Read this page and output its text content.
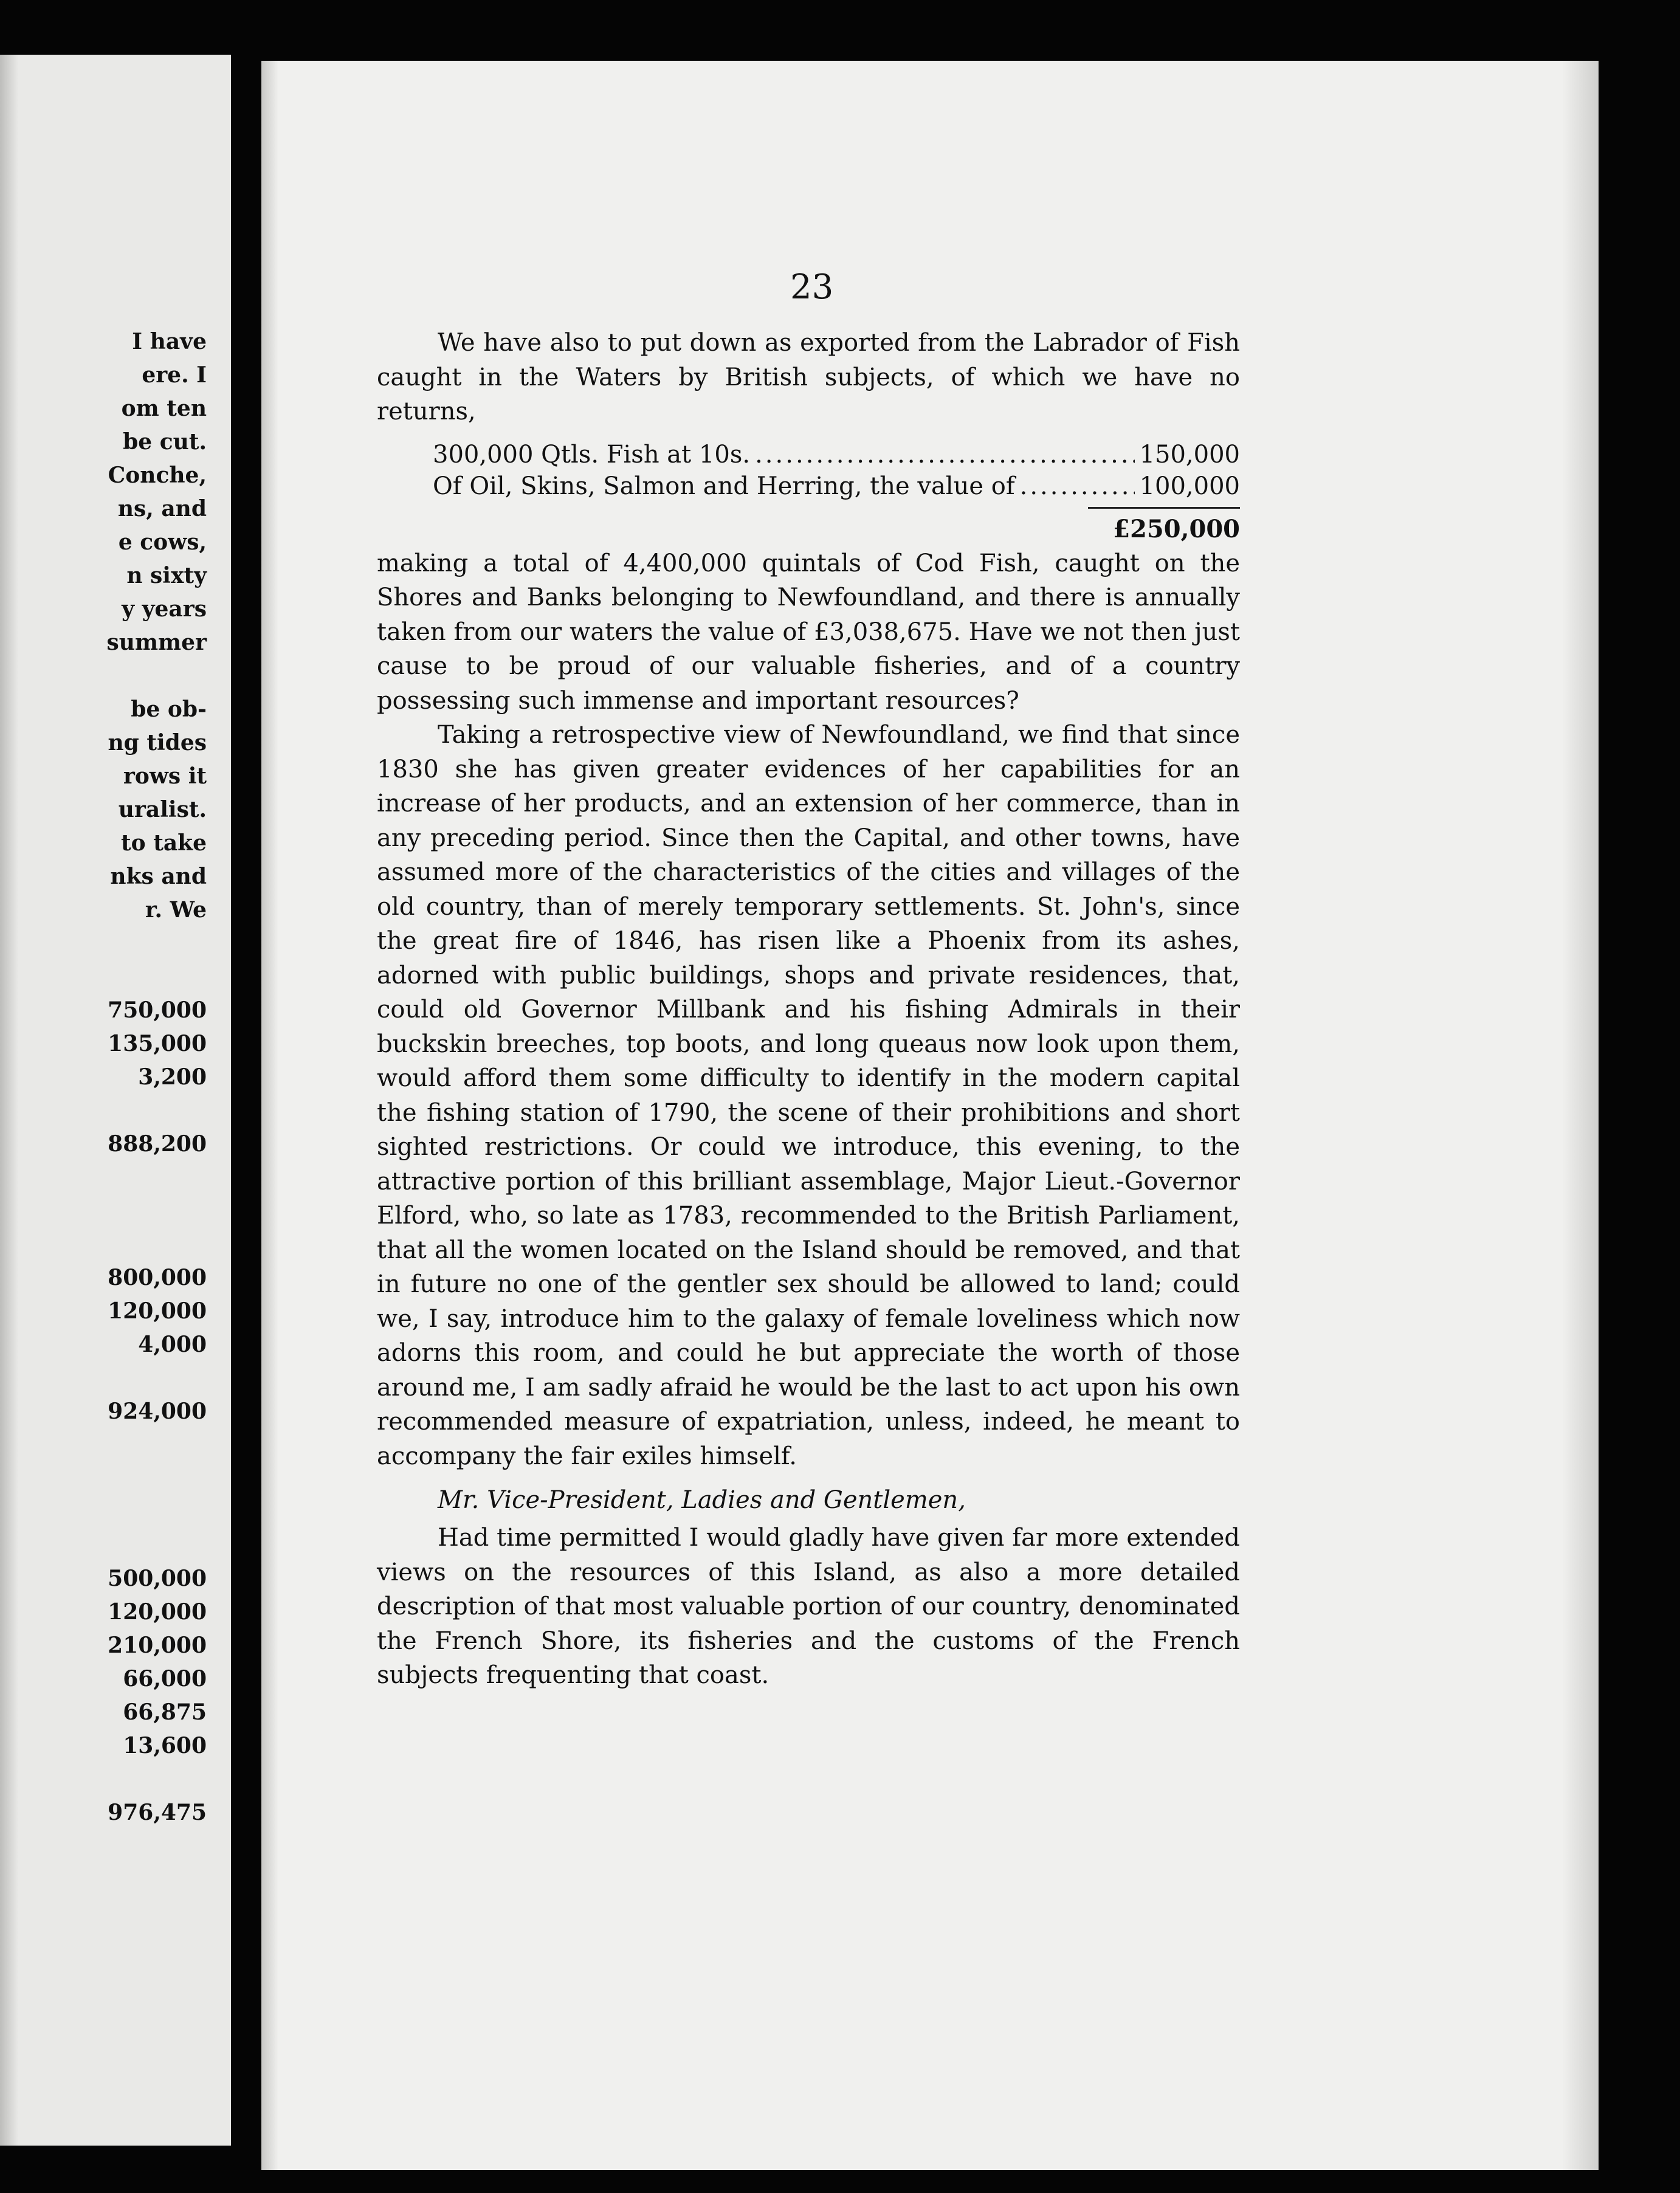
I have
ere. I
om ten
be cut.
Conche,
ns, and
e cows,
n sixty
y years
summer
be ob-
ng tides
rows it
uralist.
to take
nks and
r. We
750,000
135,000
3,200
888,200
800,000
120,000
4,000
924,000
500,000
120,000
210,000
66,000
66,875
13,600
976,475
23

We have also to put down as exported from the Labrador of Fish caught in the Waters by British subjects, of which we have no returns,

300,000 Qtls. Fish at 10s. .....	150,000
Of Oil, Skins, Salmon and Herring, the value of .....	100,000
£250,000

making a total of 4,400,000 quintals of Cod Fish, caught on the Shores and Banks belonging to Newfoundland, and there is annually taken from our waters the value of £3,038,675. Have we not then just cause to be proud of our valuable fisheries, and of a country possessing such immense and important resources?

Taking a retrospective view of Newfoundland, we find that since 1830 she has given greater evidences of her capabilities for an increase of her products, and an extension of her commerce, than in any preceding period. Since then the Capital, and other towns, have assumed more of the characteristics of the cities and villages of the old country, than of merely temporary settlements. St. John's, since the great fire of 1846, has risen like a Phoenix from its ashes, adorned with public buildings, shops and private residences, that, could old Governor Millbank and his fishing Admirals in their buckskin breeches, top boots, and long queaus now look upon them, would afford them some difficulty to identify in the modern capital the fishing station of 1790, the scene of their prohibitions and short sighted restrictions. Or could we introduce, this evening, to the attractive portion of this brilliant assemblage, Major Lieut.-Governor Elford, who, so late as 1783, recommended to the British Parliament, that all the women located on the Island should be removed, and that in future no one of the gentler sex should be allowed to land; could we, I say, introduce him to the galaxy of female loveliness which now adorns this room, and could he but appreciate the worth of those around me, I am sadly afraid he would be the last to act upon his own recommended measure of expatriation, unless, indeed, he meant to accompany the fair exiles himself.

Mr. Vice-President, Ladies and Gentlemen,

Had time permitted I would gladly have given far more extended views on the resources of this Island, as also a more detailed description of that most valuable portion of our country, denominated the French Shore, its fisheries and the customs of the French subjects frequenting that coast.
